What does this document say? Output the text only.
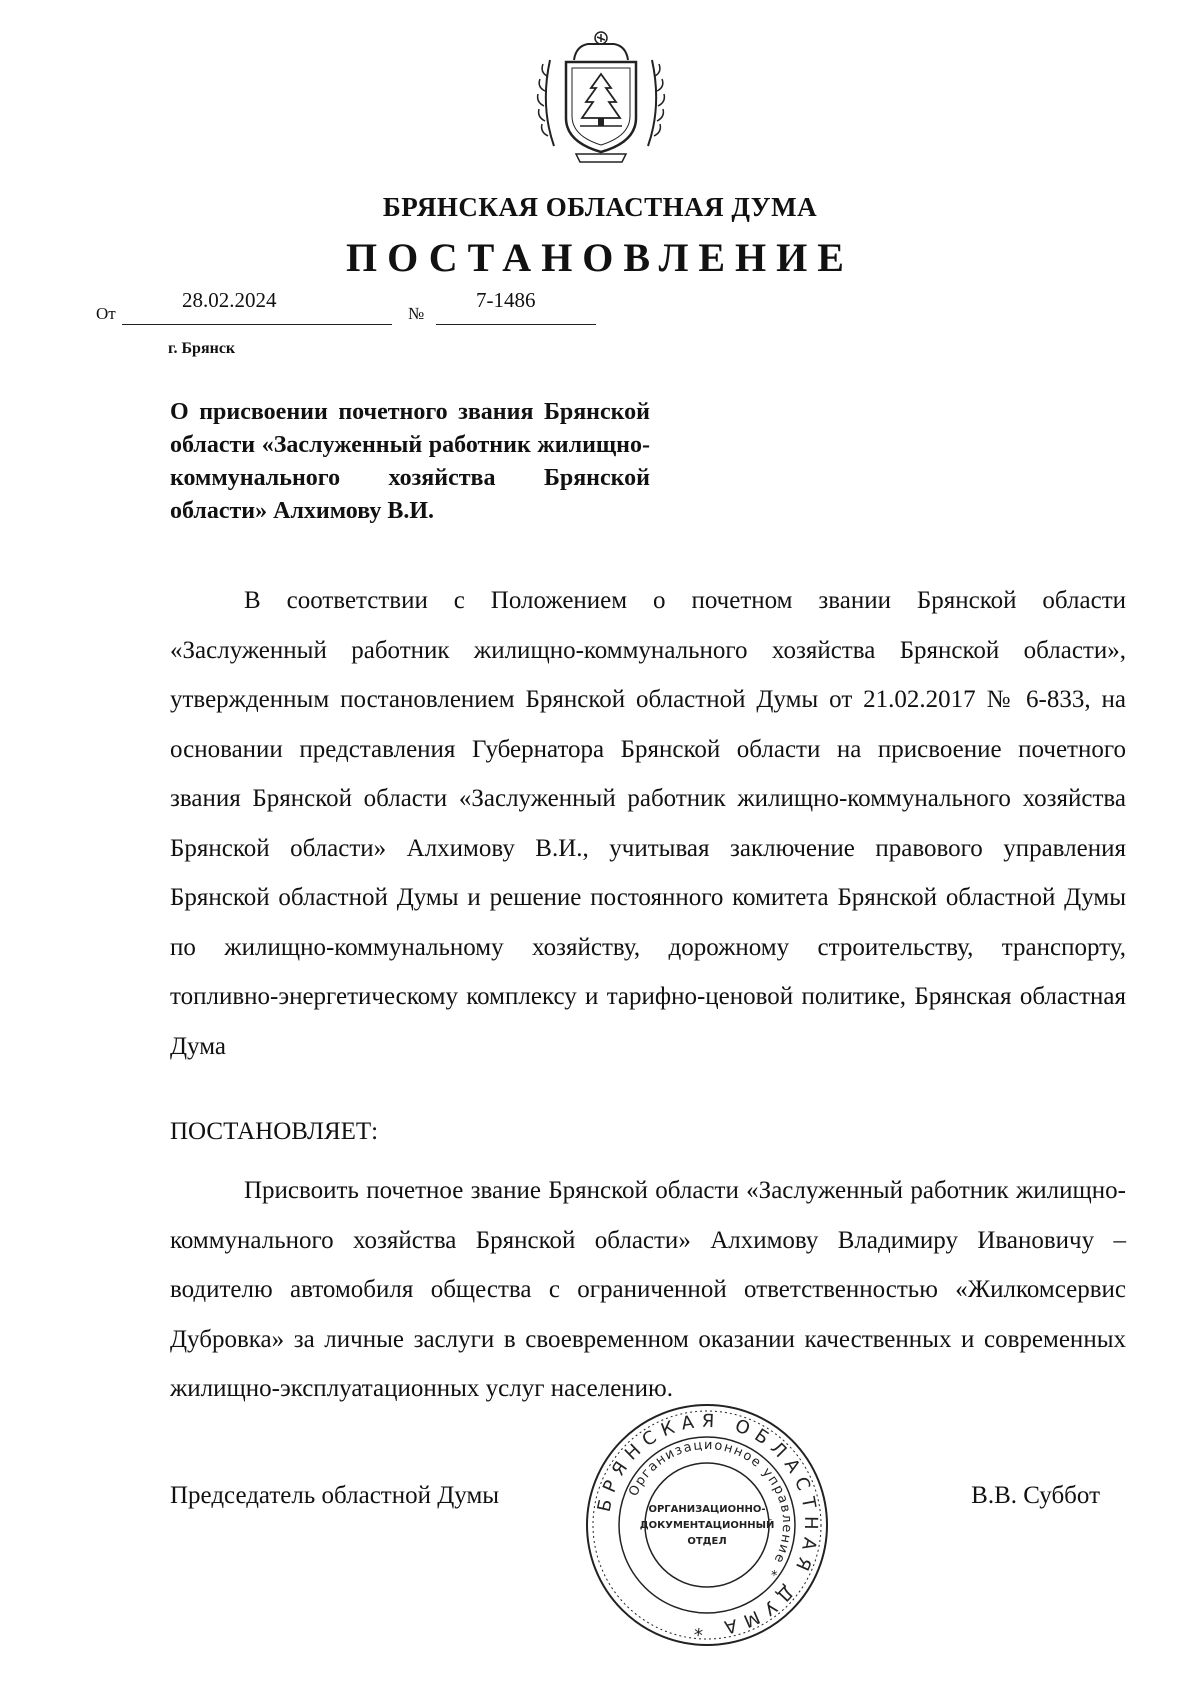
БРЯНСКАЯ ОБЛАСТНАЯ ДУМА
ПОСТАНОВЛЕНИЕ
От
28.02.2024
№
7-1486
г. Брянск

О присвоении почетного звания Брянской области «Заслуженный работник жилищно-коммунального хозяйства Брянской области» Алхимову В.И.

В соответствии с Положением о почетном звании Брянской области «Заслуженный работник жилищно-коммунального хозяйства Брянской области», утвержденным постановлением Брянской областной Думы от 21.02.2017 № 6-833, на основании представления Губернатора Брянской области на присвоение почетного звания Брянской области «Заслуженный работник жилищно-коммунального хозяйства Брянской области» Алхимову В.И., учитывая заключение правового управления Брянской областной Думы и решение постоянного комитета Брянской областной Думы по жилищно-коммунальному хозяйству, дорожному строительству, транспорту, топливно-энергетическому комплексу и тарифно-ценовой политике, Брянская областная Дума

ПОСТАНОВЛЯЕТ:

Присвоить почетное звание Брянской области «Заслуженный работник жилищно-коммунального хозяйства Брянской области» Алхимову Владимиру Ивановичу – водителю автомобиля общества с ограниченной ответственностью «Жилкомсервис Дубровка» за личные заслуги в своевременном оказании качественных и современных жилищно-эксплуатационных услуг населению.

Председатель областной Думы	В.В. Суббот
БРЯНСКАЯ ОБЛАСТНАЯ ДУМА *
Организационное управление *
ОРГАНИЗАЦИОННО-
ДОКУМЕНТАЦИОННЫЙ
ОТДЕЛ
